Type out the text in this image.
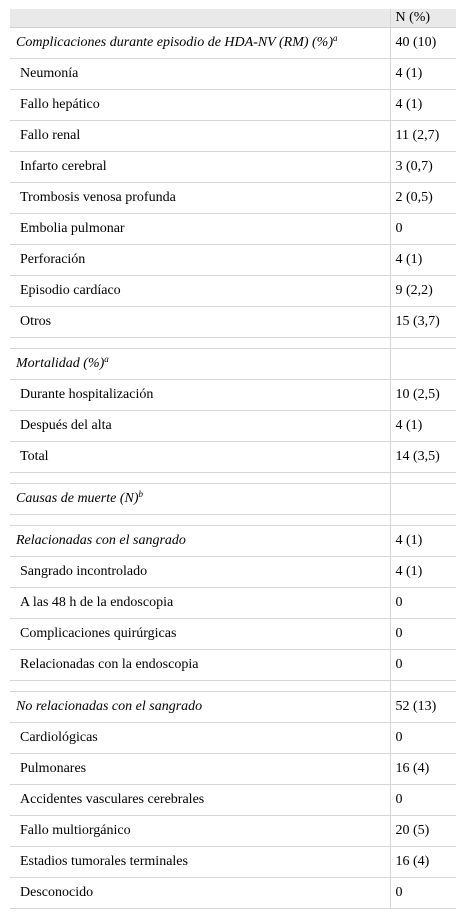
	N (%)
Complicaciones durante episodio de HDA-NV (RM) (%)$^a$	40 (10)
Neumonía	4 (1)
Fallo hepático	4 (1)
Fallo renal	11 (2,7)
Infarto cerebral	3 (0,7)
Trombosis venosa profunda	2 (0,5)
Embolia pulmonar	0
Perforación	4 (1)
Episodio cardíaco	9 (2,2)
Otros	15 (3,7)

Mortalidad (%)$^a$	
Durante hospitalización	10 (2,5)
Después del alta	4 (1)
Total	14 (3,5)

Causas de muerte $(N)^b$	

Relacionadas con el sangrado	4 (1)
Sangrado incontrolado	4 (1)
A las 48 h de la endoscopia	0
Complicaciones quirúrgicas	0
Relacionadas con la endoscopia	0

No relacionadas con el sangrado	52 (13)
Cardiológicas	0
Pulmonares	16 (4)
Accidentes vasculares cerebrales	0
Fallo multiorgánico	20 (5)
Estadios tumorales terminales	16 (4)
Desconocido	0
